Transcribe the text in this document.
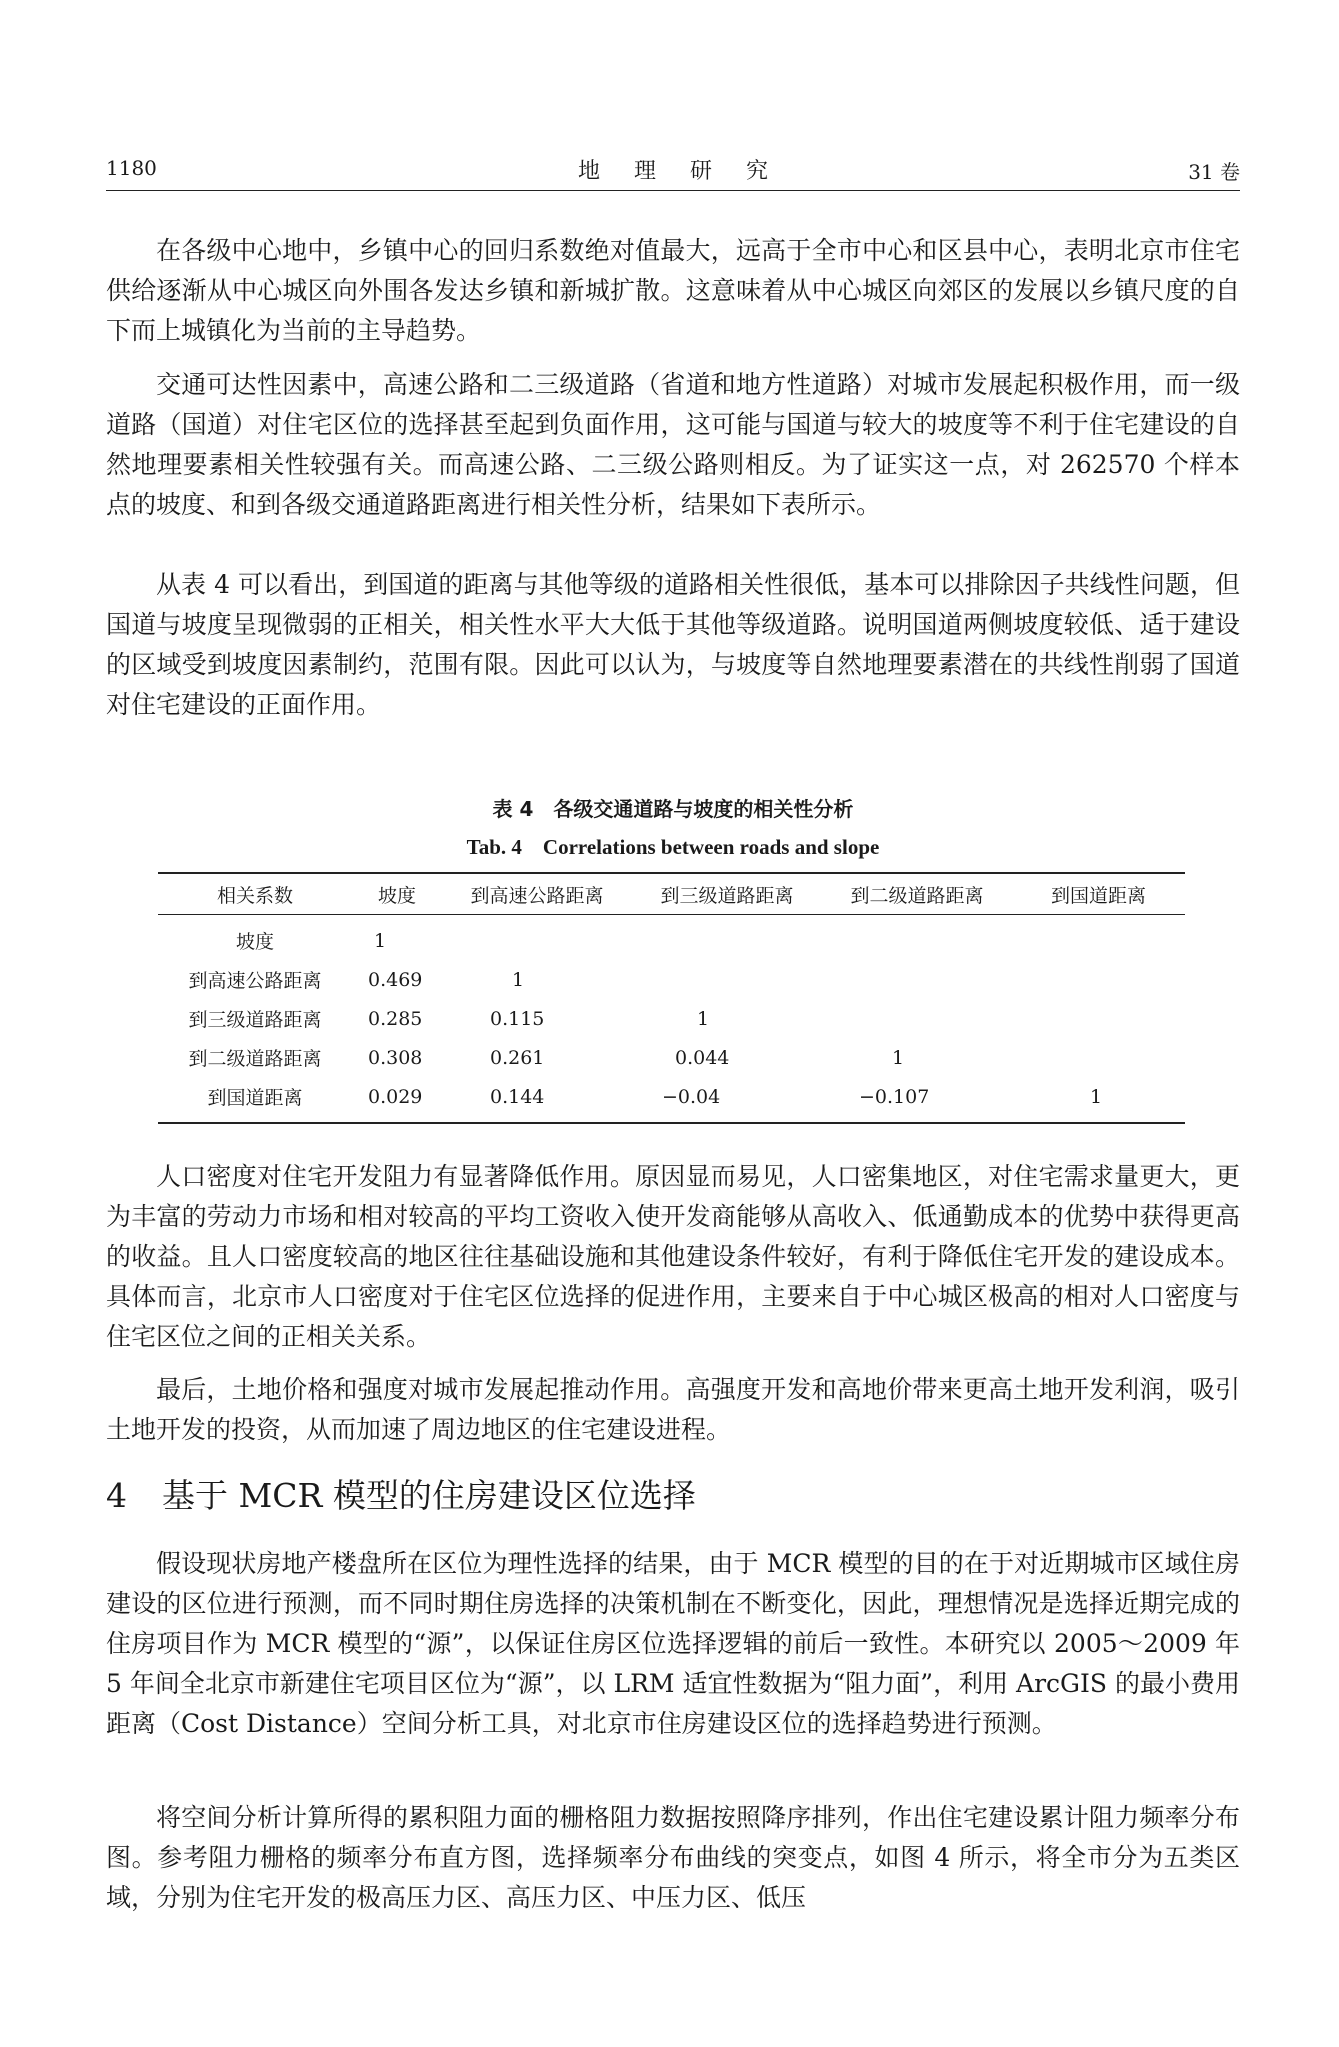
1180	地理研究	31 卷

在各级中心地中，乡镇中心的回归系数绝对值最大，远高于全市中心和区县中心，表明北京市住宅供给逐渐从中心城区向外围各发达乡镇和新城扩散。这意味着从中心城区向郊区的发展以乡镇尺度的自下而上城镇化为当前的主导趋势。

交通可达性因素中，高速公路和二三级道路（省道和地方性道路）对城市发展起积极作用，而一级道路（国道）对住宅区位的选择甚至起到负面作用，这可能与国道与较大的坡度等不利于住宅建设的自然地理要素相关性较强有关。而高速公路、二三级公路则相反。为了证实这一点，对 262570 个样本点的坡度、和到各级交通道路距离进行相关性分析，结果如下表所示。

从表 4 可以看出，到国道的距离与其他等级的道路相关性很低，基本可以排除因子共线性问题，但国道与坡度呈现微弱的正相关，相关性水平大大低于其他等级道路。说明国道两侧坡度较低、适于建设的区域受到坡度因素制约，范围有限。因此可以认为，与坡度等自然地理要素潜在的共线性削弱了国道对住宅建设的正面作用。

表 4　各级交通道路与坡度的相关性分析
Tab. 4　Correlations between roads and slope
相关系数	坡度	到高速公路距离	到三级道路距离	到二级道路距离	到国道距离
坡度	1				
到高速公路距离	0.469	1			
到三级道路距离	0.285	0.115	1		
到二级道路距离	0.308	0.261	0.044	1	
到国道距离	0.029	0.144	−0.04	−0.107	1

人口密度对住宅开发阻力有显著降低作用。原因显而易见，人口密集地区，对住宅需求量更大，更为丰富的劳动力市场和相对较高的平均工资收入使开发商能够从高收入、低通勤成本的优势中获得更高的收益。且人口密度较高的地区往往基础设施和其他建设条件较好，有利于降低住宅开发的建设成本。具体而言，北京市人口密度对于住宅区位选择的促进作用，主要来自于中心城区极高的相对人口密度与住宅区位之间的正相关关系。

最后，土地价格和强度对城市发展起推动作用。高强度开发和高地价带来更高土地开发利润，吸引土地开发的投资，从而加速了周边地区的住宅建设进程。

4 基于 MCR 模型的住房建设区位选择

假设现状房地产楼盘所在区位为理性选择的结果，由于 MCR 模型的目的在于对近期城市区域住房建设的区位进行预测，而不同时期住房选择的决策机制在不断变化，因此，理想情况是选择近期完成的住房项目作为 MCR 模型的“源”，以保证住房区位选择逻辑的前后一致性。本研究以 2005～2009 年 5 年间全北京市新建住宅项目区位为“源”，以 LRM 适宜性数据为“阻力面”，利用 ArcGIS 的最小费用距离（Cost Distance）空间分析工具，对北京市住房建设区位的选择趋势进行预测。

将空间分析计算所得的累积阻力面的栅格阻力数据按照降序排列，作出住宅建设累计阻力频率分布图。参考阻力栅格的频率分布直方图，选择频率分布曲线的突变点，如图 4 所示，将全市分为五类区域，分别为住宅开发的极高压力区、高压力区、中压力区、低压
